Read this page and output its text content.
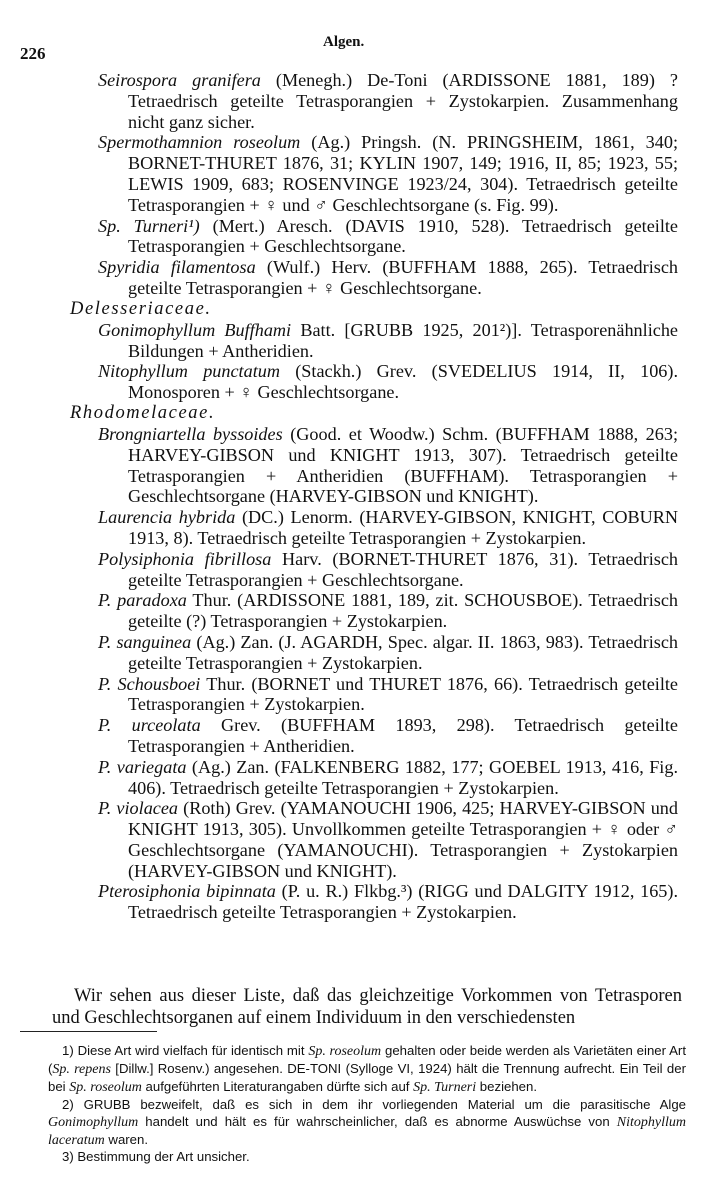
226
Algen.
Seirospora granifera (Menegh.) De-Toni (ARDISSONE 1881, 189) ? Tetraedrisch geteilte Tetrasporangien + Zystokarpien. Zusammenhang nicht ganz sicher.
Spermothamnion roseolum (Ag.) Pringsh. (N. PRINGSHEIM, 1861, 340; BORNET-THURET 1876, 31; KYLIN 1907, 149; 1916, II, 85; 1923, 55; LEWIS 1909, 683; ROSENVINGE 1923/24, 304). Tetraedrisch geteilte Tetrasporangien + ♀ und ♂ Geschlechtsorgane (s. Fig. 99).
Sp. Turneri¹) (Mert.) Aresch. (DAVIS 1910, 528). Tetraedrisch geteilte Tetrasporangien + Geschlechtsorgane.
Spyridia filamentosa (Wulf.) Herv. (BUFFHAM 1888, 265). Tetraedrisch geteilte Tetrasporangien + ♀ Geschlechtsorgane.
Delesseriaceae.
Gonimophyllum Buffhami Batt. [GRUBB 1925, 201²)]. Tetrasporenähnliche Bildungen + Antheridien.
Nitophyllum punctatum (Stackh.) Grev. (SVEDELIUS 1914, II, 106). Monosporen + ♀ Geschlechtsorgane.
Rhodomelaceae.
Brongniartella byssoides (Good. et Woodw.) Schm. (BUFFHAM 1888, 263; HARVEY-GIBSON und KNIGHT 1913, 307). Tetraedrisch geteilte Tetrasporangien + Antheridien (BUFFHAM). Tetrasporangien + Geschlechtsorgane (HARVEY-GIBSON und KNIGHT).
Laurencia hybrida (DC.) Lenorm. (HARVEY-GIBSON, KNIGHT, COBURN 1913, 8). Tetraedrisch geteilte Tetrasporangien + Zystokarpien.
Polysiphonia fibrillosa Harv. (BORNET-THURET 1876, 31). Tetraedrisch geteilte Tetrasporangien + Geschlechtsorgane.
P. paradoxa Thur. (ARDISSONE 1881, 189, zit. SCHOUSBOE). Tetraedrisch geteilte (?) Tetrasporangien + Zystokarpien.
P. sanguinea (Ag.) Zan. (J. AGARDH, Spec. algar. II. 1863, 983). Tetraedrisch geteilte Tetrasporangien + Zystokarpien.
P. Schousboei Thur. (BORNET und THURET 1876, 66). Tetraedrisch geteilte Tetrasporangien + Zystokarpien.
P. urceolata Grev. (BUFFHAM 1893, 298). Tetraedrisch geteilte Tetrasporangien + Antheridien.
P. variegata (Ag.) Zan. (FALKENBERG 1882, 177; GOEBEL 1913, 416, Fig. 406). Tetraedrisch geteilte Tetrasporangien + Zystokarpien.
P. violacea (Roth) Grev. (YAMANOUCHI 1906, 425; HARVEY-GIBSON und KNIGHT 1913, 305). Unvollkommen geteilte Tetrasporangien + ♀ oder ♂ Geschlechtsorgane (YAMANOUCHI). Tetrasporangien + Zystokarpien (HARVEY-GIBSON und KNIGHT).
Pterosiphonia bipinnata (P. u. R.) Flkbg.³) (RIGG und DALGITY 1912, 165). Tetraedrisch geteilte Tetrasporangien + Zystokarpien.
Wir sehen aus dieser Liste, daß das gleichzeitige Vorkommen von Tetrasporen und Geschlechtsorganen auf einem Individuum in den verschiedensten
1) Diese Art wird vielfach für identisch mit Sp. roseolum gehalten oder beide werden als Varietäten einer Art (Sp. repens [Dillw.] Rosenv.) angesehen. DE-TONI (Sylloge VI, 1924) hält die Trennung aufrecht. Ein Teil der bei Sp. roseolum aufgeführten Literaturangaben dürfte sich auf Sp. Turneri beziehen.
2) GRUBB bezweifelt, daß es sich in dem ihr vorliegenden Material um die parasitische Alge Gonimophyllum handelt und hält es für wahrscheinlicher, daß es abnorme Auswüchse von Nitophyllum laceratum waren.
3) Bestimmung der Art unsicher.
